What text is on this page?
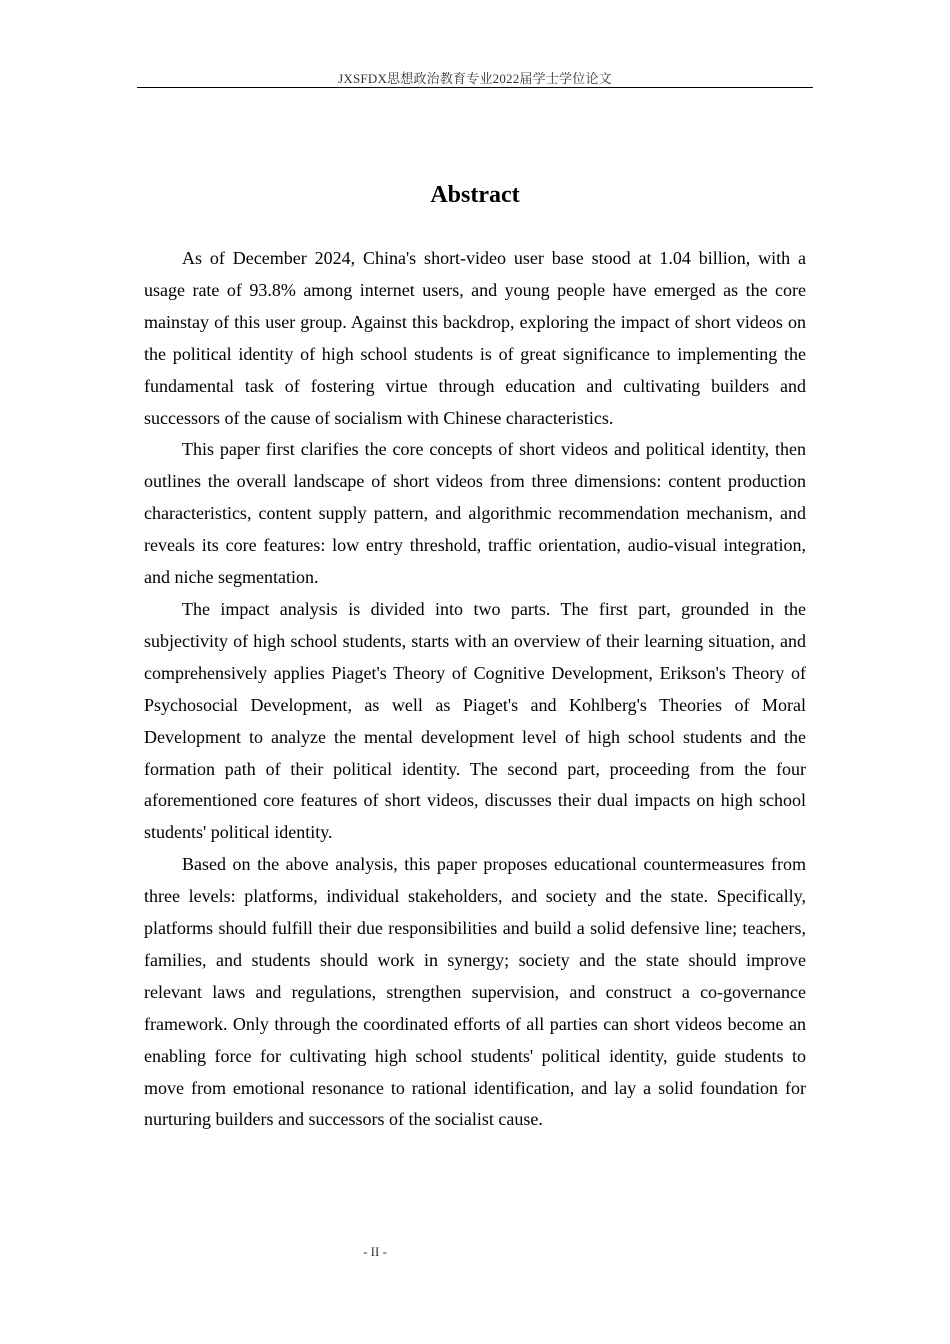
JXSFDX思想政治教育专业2022届学士学位论文
Abstract

As of December 2024, China's short-video user base stood at 1.04 billion, with a usage rate of 93.8% among internet users, and young people have emerged as the core mainstay of this user group. Against this backdrop, exploring the impact of short videos on the political identity of high school students is of great significance to implementing the fundamental task of fostering virtue through education and cultivating builders and successors of the cause of socialism with Chinese characteristics.

This paper first clarifies the core concepts of short videos and political identity, then outlines the overall landscape of short videos from three dimensions: content production characteristics, content supply pattern, and algorithmic recommendation mechanism, and reveals its core features: low entry threshold, traffic orientation, audio-visual integration, and niche segmentation.

The impact analysis is divided into two parts. The first part, grounded in the subjectivity of high school students, starts with an overview of their learning situation, and comprehensively applies Piaget's Theory of Cognitive Development, Erikson's Theory of Psychosocial Development, as well as Piaget's and Kohlberg's Theories of Moral Development to analyze the mental development level of high school students and the formation path of their political identity. The second part, proceeding from the four aforementioned core features of short videos, discusses their dual impacts on high school students' political identity.

Based on the above analysis, this paper proposes educational countermeasures from three levels: platforms, individual stakeholders, and society and the state. Specifically, platforms should fulfill their due responsibilities and build a solid defensive line; teachers, families, and students should work in synergy; society and the state should improve relevant laws and regulations, strengthen supervision, and construct a co-governance framework. Only through the coordinated efforts of all parties can short videos become an enabling force for cultivating high school students' political identity, guide students to move from emotional resonance to rational identification, and lay a solid foundation for nurturing builders and successors of the socialist cause.

- II -
